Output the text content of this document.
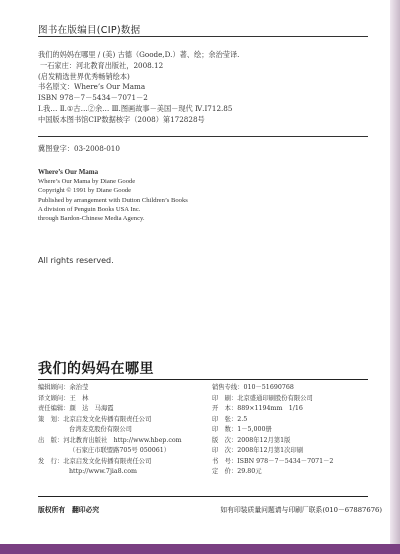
图书在版编目(CIP)数据
我们的妈妈在哪里 / (美) 古德（Goode,D.）著、绘；余治莹译.
一石家庄：河北教育出版社，2008.12
(启发精选世界优秀畅销绘本)
书名原文：Where’s Our Mama
ISBN 978－7－5434－7071－2
Ⅰ.我… Ⅱ.①古…②余… Ⅲ.图画故事－美国－现代 Ⅳ.I712.85
中国版本图书馆CIP数据核字（2008）第172828号
冀图登字：03-2008-010
Where’s Our Mama
Where’s Our Mama by Diane Goode
Copyright © 1991 by Diane Goode
Published by arrangement with Dutton Children’s Books
A division of Penguin Books USA Inc.
through Bardon-Chinese Media Agency.
All rights reserved.
我们的妈妈在哪里
编辑顾问：余治莹
译文顾问：王　林
责任编辑：颜　达　马海霞
策　划：北京启发文化传播有限责任公司
台湾麦克股份有限公司
出　版：河北教育出版社　http://www.hbep.com
（石家庄市联盟路705号 050061）
发　行：北京启发文化传播有限责任公司
http://www.7jia8.com
销售专线：010－51690768
印　刷：北京盛通印刷股份有限公司
开　本：889×1194mm　1/16
印　张：2.5
印　数：1－5,000册
版　次：2008年12月第1版
印　次：2008年12月第1次印刷
书　号：ISBN 978－7－5434－7071－2
定　价：29.80元
版权所有　翻印必究	如有印装质量问题请与印刷厂联系(010－67887676)
